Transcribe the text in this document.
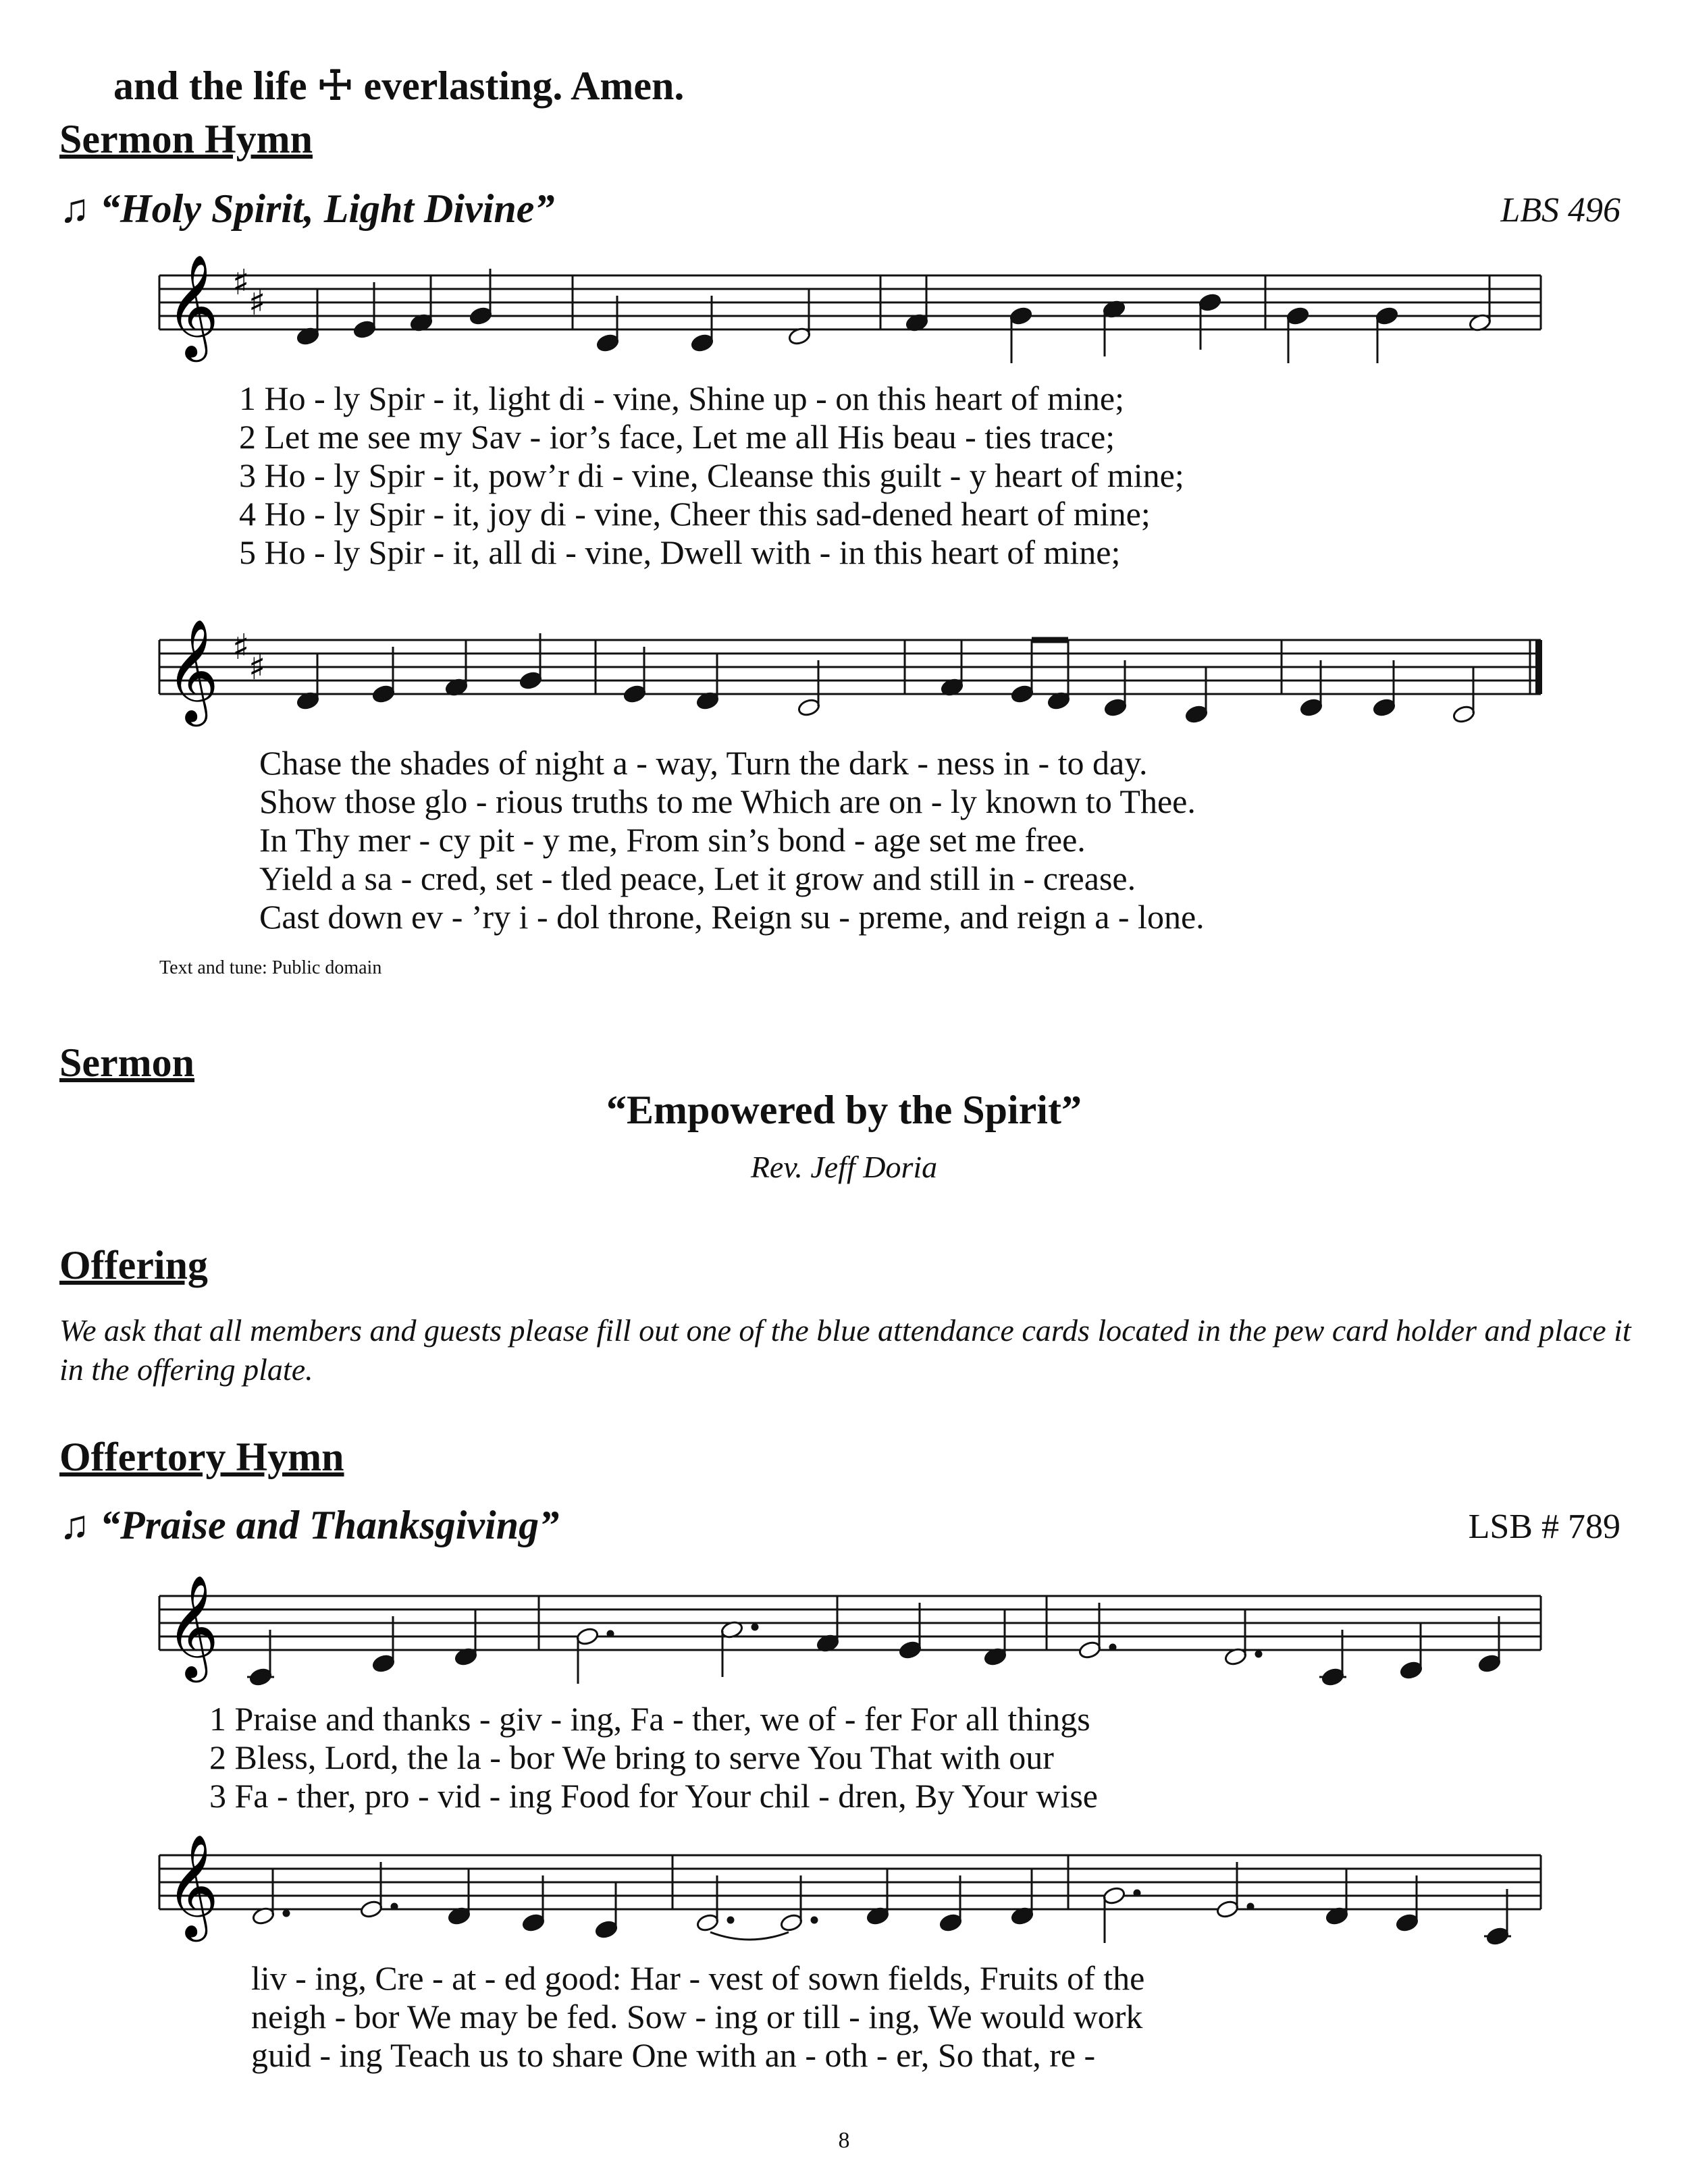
and the life ☩ everlasting. Amen.
Sermon Hymn
♫ “Holy Spirit, Light Divine”	LBS 496
𝄞 ♯
♯
1 Ho - ly Spir - it, light di - vine, Shine up - on this heart of mine;
2 Let me see my Sav - ior’s face, Let me all His beau - ties trace;
3 Ho - ly Spir - it, pow’r di - vine, Cleanse this guilt - y heart of mine;
4 Ho - ly Spir - it, joy di - vine, Cheer this sad-dened heart of mine;
5 Ho - ly Spir - it, all di - vine, Dwell with - in this heart of mine;
𝄞 ♯
♯
Chase the shades of night a - way, Turn the dark - ness in - to day.
Show those glo - rious truths to me Which are on - ly known to Thee.
In Thy mer - cy pit - y me, From sin’s bond - age set me free.
Yield a sa - cred, set - tled peace, Let it grow and still in - crease.
Cast down ev - ’ry i - dol throne, Reign su - preme, and reign a - lone.
Text and tune: Public domain
Sermon
“Empowered by the Spirit”
Rev. Jeff Doria
Offering
We ask that all members and guests please fill out one of the blue attendance cards located in the pew card holder and place it in the offering plate.
Offertory Hymn
♫ “Praise and Thanksgiving”	LSB # 789
𝄞
1 Praise and thanks - giv - ing, Fa - ther, we of - fer For all things
2 Bless, Lord, the la - bor We bring to serve You That with our
3 Fa - ther, pro - vid - ing Food for Your chil - dren, By Your wise
𝄞
liv - ing, Cre - at - ed good: Har - vest of sown fields, Fruits of the
neigh - bor We may be fed. Sow - ing or till - ing, We would work
guid - ing Teach us to share One with an - oth - er, So that, re -
8
